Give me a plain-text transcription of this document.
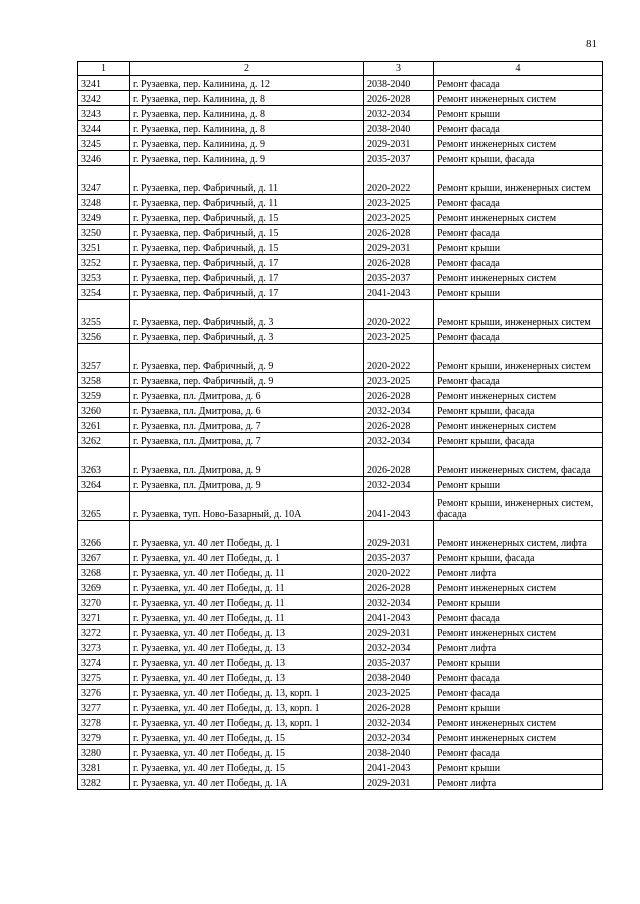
81
1	2	3	4
3241	г. Рузаевка, пер. Калинина, д. 12	2038-2040	Ремонт фасада
3242	г. Рузаевка, пер. Калинина, д. 8	2026-2028	Ремонт инженерных систем
3243	г. Рузаевка, пер. Калинина, д. 8	2032-2034	Ремонт крыши
3244	г. Рузаевка, пер. Калинина, д. 8	2038-2040	Ремонт фасада
3245	г. Рузаевка, пер. Калинина, д. 9	2029-2031	Ремонт инженерных систем
3246	г. Рузаевка, пер. Калинина, д. 9	2035-2037	Ремонт крыши, фасада
3247	г. Рузаевка, пер. Фабричный, д. 11	2020-2022	Ремонт крыши, инженерных систем
3248	г. Рузаевка, пер. Фабричный, д. 11	2023-2025	Ремонт фасада
3249	г. Рузаевка, пер. Фабричный, д. 15	2023-2025	Ремонт инженерных систем
3250	г. Рузаевка, пер. Фабричный, д. 15	2026-2028	Ремонт фасада
3251	г. Рузаевка, пер. Фабричный, д. 15	2029-2031	Ремонт крыши
3252	г. Рузаевка, пер. Фабричный, д. 17	2026-2028	Ремонт фасада
3253	г. Рузаевка, пер. Фабричный, д. 17	2035-2037	Ремонт инженерных систем
3254	г. Рузаевка, пер. Фабричный, д. 17	2041-2043	Ремонт крыши
3255	г. Рузаевка, пер. Фабричный, д. 3	2020-2022	Ремонт крыши, инженерных систем
3256	г. Рузаевка, пер. Фабричный, д. 3	2023-2025	Ремонт фасада
3257	г. Рузаевка, пер. Фабричный, д. 9	2020-2022	Ремонт крыши, инженерных систем
3258	г. Рузаевка, пер. Фабричный, д. 9	2023-2025	Ремонт фасада
3259	г. Рузаевка, пл. Дмитрова, д. 6	2026-2028	Ремонт инженерных систем
3260	г. Рузаевка, пл. Дмитрова, д. 6	2032-2034	Ремонт крыши, фасада
3261	г. Рузаевка, пл. Дмитрова, д. 7	2026-2028	Ремонт инженерных систем
3262	г. Рузаевка, пл. Дмитрова, д. 7	2032-2034	Ремонт крыши, фасада
3263	г. Рузаевка, пл. Дмитрова, д. 9	2026-2028	Ремонт инженерных систем, фасада
3264	г. Рузаевка, пл. Дмитрова, д. 9	2032-2034	Ремонт крыши
3265	г. Рузаевка, туп. Ново-Базарный, д. 10А	2041-2043	Ремонт крыши, инженерных систем, фасада
3266	г. Рузаевка, ул. 40 лет Победы, д. 1	2029-2031	Ремонт инженерных систем, лифта
3267	г. Рузаевка, ул. 40 лет Победы, д. 1	2035-2037	Ремонт крыши, фасада
3268	г. Рузаевка, ул. 40 лет Победы, д. 11	2020-2022	Ремонт лифта
3269	г. Рузаевка, ул. 40 лет Победы, д. 11	2026-2028	Ремонт инженерных систем
3270	г. Рузаевка, ул. 40 лет Победы, д. 11	2032-2034	Ремонт крыши
3271	г. Рузаевка, ул. 40 лет Победы, д. 11	2041-2043	Ремонт фасада
3272	г. Рузаевка, ул. 40 лет Победы, д. 13	2029-2031	Ремонт инженерных систем
3273	г. Рузаевка, ул. 40 лет Победы, д. 13	2032-2034	Ремонт лифта
3274	г. Рузаевка, ул. 40 лет Победы, д. 13	2035-2037	Ремонт крыши
3275	г. Рузаевка, ул. 40 лет Победы, д. 13	2038-2040	Ремонт фасада
3276	г. Рузаевка, ул. 40 лет Победы, д. 13, корп. 1	2023-2025	Ремонт фасада
3277	г. Рузаевка, ул. 40 лет Победы, д. 13, корп. 1	2026-2028	Ремонт крыши
3278	г. Рузаевка, ул. 40 лет Победы, д. 13, корп. 1	2032-2034	Ремонт инженерных систем
3279	г. Рузаевка, ул. 40 лет Победы, д. 15	2032-2034	Ремонт инженерных систем
3280	г. Рузаевка, ул. 40 лет Победы, д. 15	2038-2040	Ремонт фасада
3281	г. Рузаевка, ул. 40 лет Победы, д. 15	2041-2043	Ремонт крыши
3282	г. Рузаевка, ул. 40 лет Победы, д. 1А	2029-2031	Ремонт лифта
